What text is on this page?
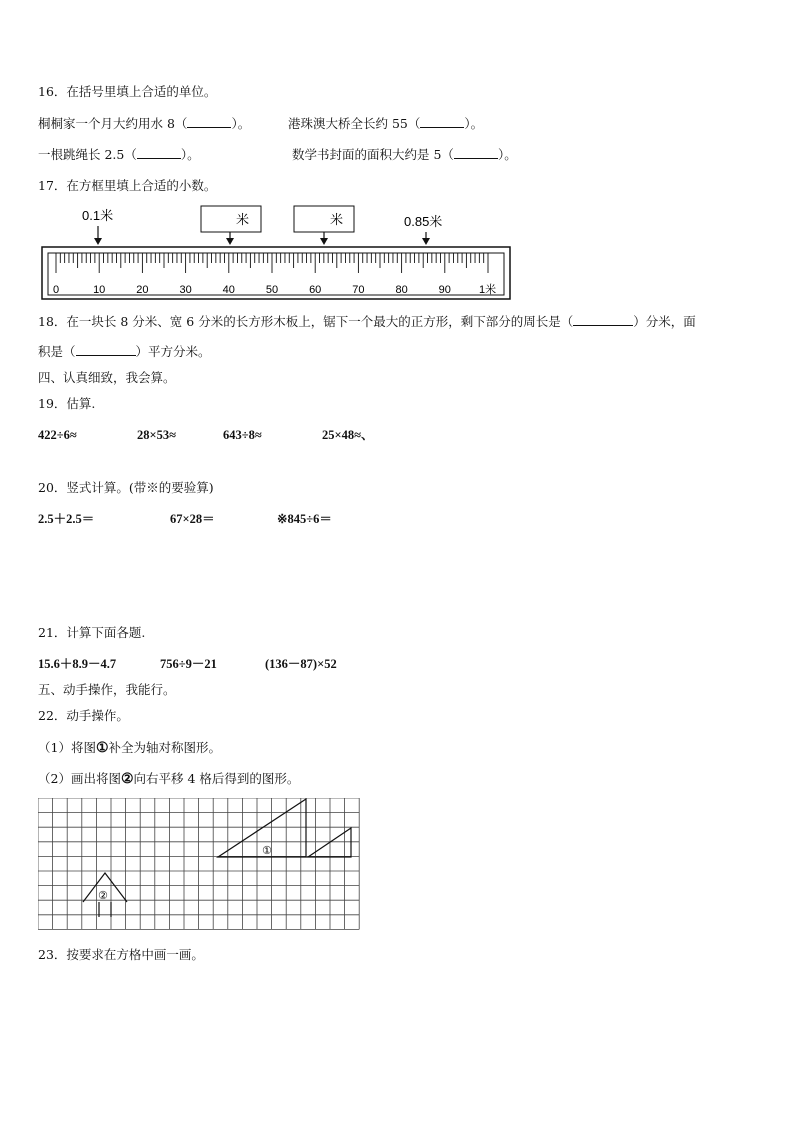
16．在括号里填上合适的单位。
桐桐家一个月大约用水 8（	）。	港珠澳大桥全长约 55（	）。
一根跳绳长 2.5（	）。	数学书封面的面积大约是 5（	）。
17．在方框里填上合适的小数。
0.1米	米	米	0.85米
0	10	20	30	40	50	60	70	80	90	1米
18．在一块长 8 分米、宽 6 分米的长方形木板上，锯下一个最大的正方形，剩下部分的周长是（	）分米，面
积是（	）平方分米。
四、认真细致，我会算。
19．估算.
422÷6≈	28×53≈	643÷8≈	25×48≈、
20．竖式计算。(带※的要验算)
2.5＋2.5＝	67×28＝	※845÷6＝
21．计算下面各题.
15.6＋8.9－4.7	756÷9－21	(136－87)×52
五、动手操作，我能行。
22．动手操作。
（1）将图①补全为轴对称图形。
（2）画出将图②向右平移 4 格后得到的图形。
①
②
23．按要求在方格中画一画。
